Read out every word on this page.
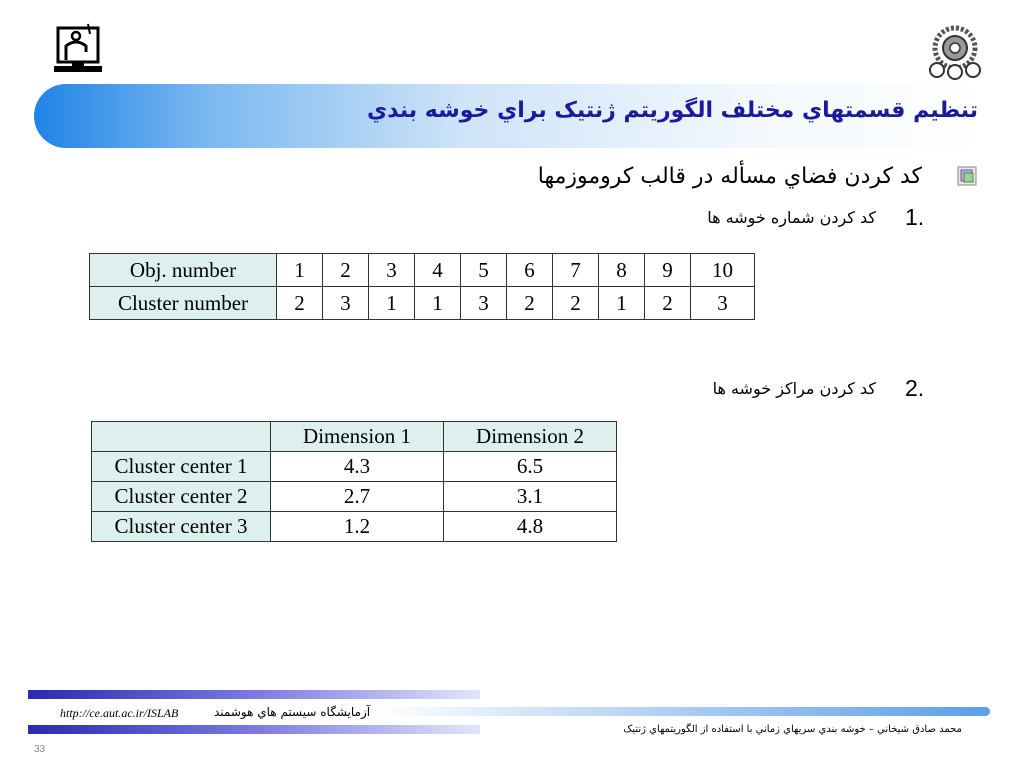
تنظيم قسمتهاي مختلف الگوريتم ژنتيک براي خوشه بندي
کد کردن فضاي مسأله در قالب کروموزمها
1.
کد کردن شماره خوشه ها
2.
کد کردن مراکز خوشه ها
Obj. number	1	2	3	4	5	6	7	8	9	10
Cluster number	2	3	1	1	3	2	2	1	2	3
	Dimension 1	Dimension 2
Cluster center 1	4.3	6.5
Cluster center 2	2.7	3.1
Cluster center 3	1.2	4.8
http://ce.aut.ac.ir/ISLAB	آزمايشگاه سيستم هاي هوشمند
محمد صادق شيخاني – خوشه بندي سريهاي زماني با استفاده از الگوريتمهاي ژنتيک
33
